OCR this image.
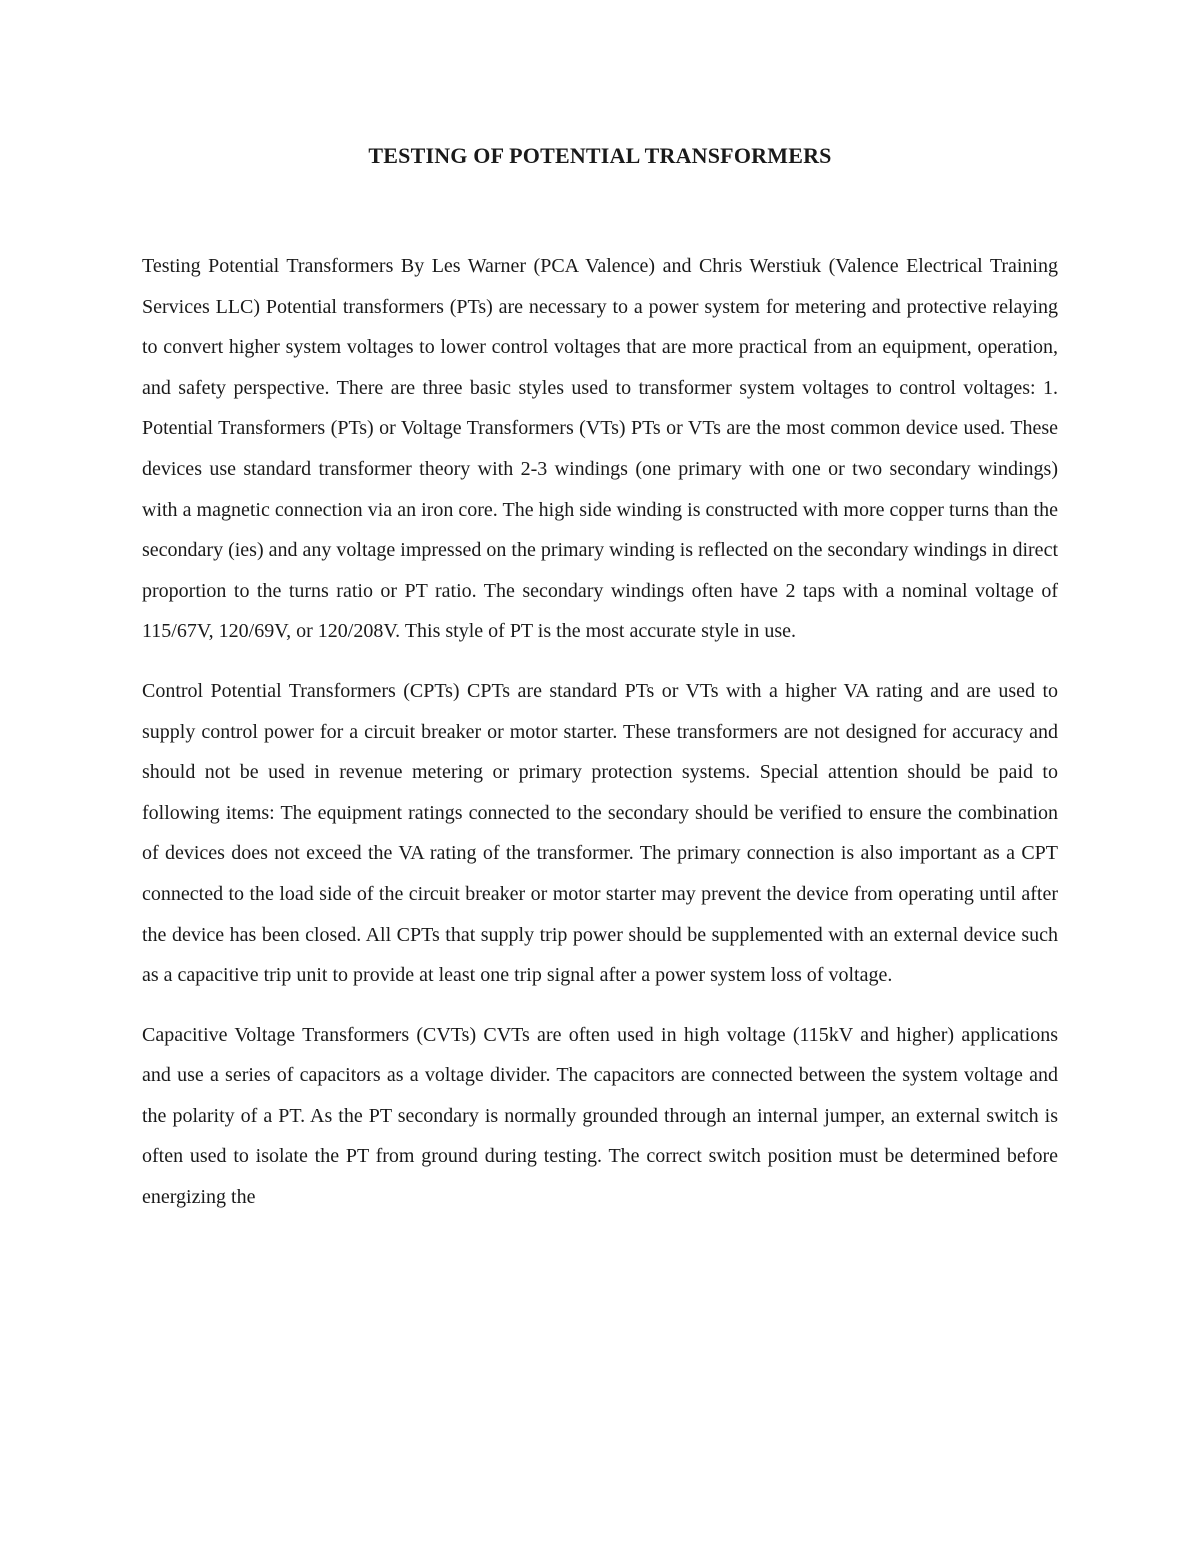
TESTING OF POTENTIAL TRANSFORMERS

Testing Potential Transformers By Les Warner (PCA Valence) and Chris Werstiuk (Valence Electrical Training Services LLC) Potential transformers (PTs) are necessary to a power system for metering and protective relaying to convert higher system voltages to lower control voltages that are more practical from an equipment, operation, and safety perspective. There are three basic styles used to transformer system voltages to control voltages: 1. Potential Transformers (PTs) or Voltage Transformers (VTs) PTs or VTs are the most common device used. These devices use standard transformer theory with 2-3 windings (one primary with one or two secondary windings) with a magnetic connection via an iron core. The high side winding is constructed with more copper turns than the secondary (ies) and any voltage impressed on the primary winding is reflected on the secondary windings in direct proportion to the turns ratio or PT ratio. The secondary windings often have 2 taps with a nominal voltage of 115/67V, 120/69V, or 120/208V. This style of PT is the most accurate style in use.

Control Potential Transformers (CPTs) CPTs are standard PTs or VTs with a higher VA rating and are used to supply control power for a circuit breaker or motor starter. These transformers are not designed for accuracy and should not be used in revenue metering or primary protection systems. Special attention should be paid to following items: The equipment ratings connected to the secondary should be verified to ensure the combination of devices does not exceed the VA rating of the transformer. The primary connection is also important as a CPT connected to the load side of the circuit breaker or motor starter may prevent the device from operating until after the device has been closed. All CPTs that supply trip power should be supplemented with an external device such as a capacitive trip unit to provide at least one trip signal after a power system loss of voltage.

Capacitive Voltage Transformers (CVTs) CVTs are often used in high voltage (115kV and higher) applications and use a series of capacitors as a voltage divider. The capacitors are connected between the system voltage and the polarity of a PT. As the PT secondary is normally grounded through an internal jumper, an external switch is often used to isolate the PT from ground during testing. The correct switch position must be determined before energizing the
